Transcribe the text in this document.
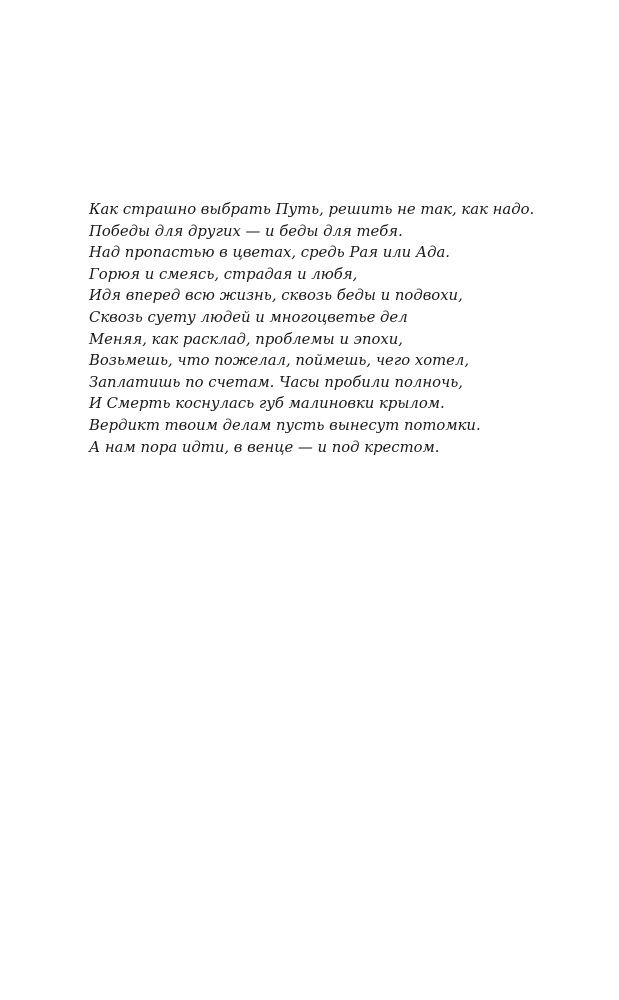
Как страшно выбрать Путь, решить не так, как надо.
Победы для других — и беды для тебя.
Над пропастью в цветах, средь Рая или Ада.
Горюя и смеясь, страдая и любя,
Идя вперед всю жизнь, сквозь беды и подвохи,
Сквозь суету людей и многоцветье дел
Меняя, как расклад, проблемы и эпохи,
Возьмешь, что пожелал, поймешь, чего хотел,
Заплатишь по счетам. Часы пробили полночь,
И Смерть коснулась губ малиновки крылом.
Вердикт твоим делам пусть вынесут потомки.
А нам пора идти, в венце — и под крестом.
